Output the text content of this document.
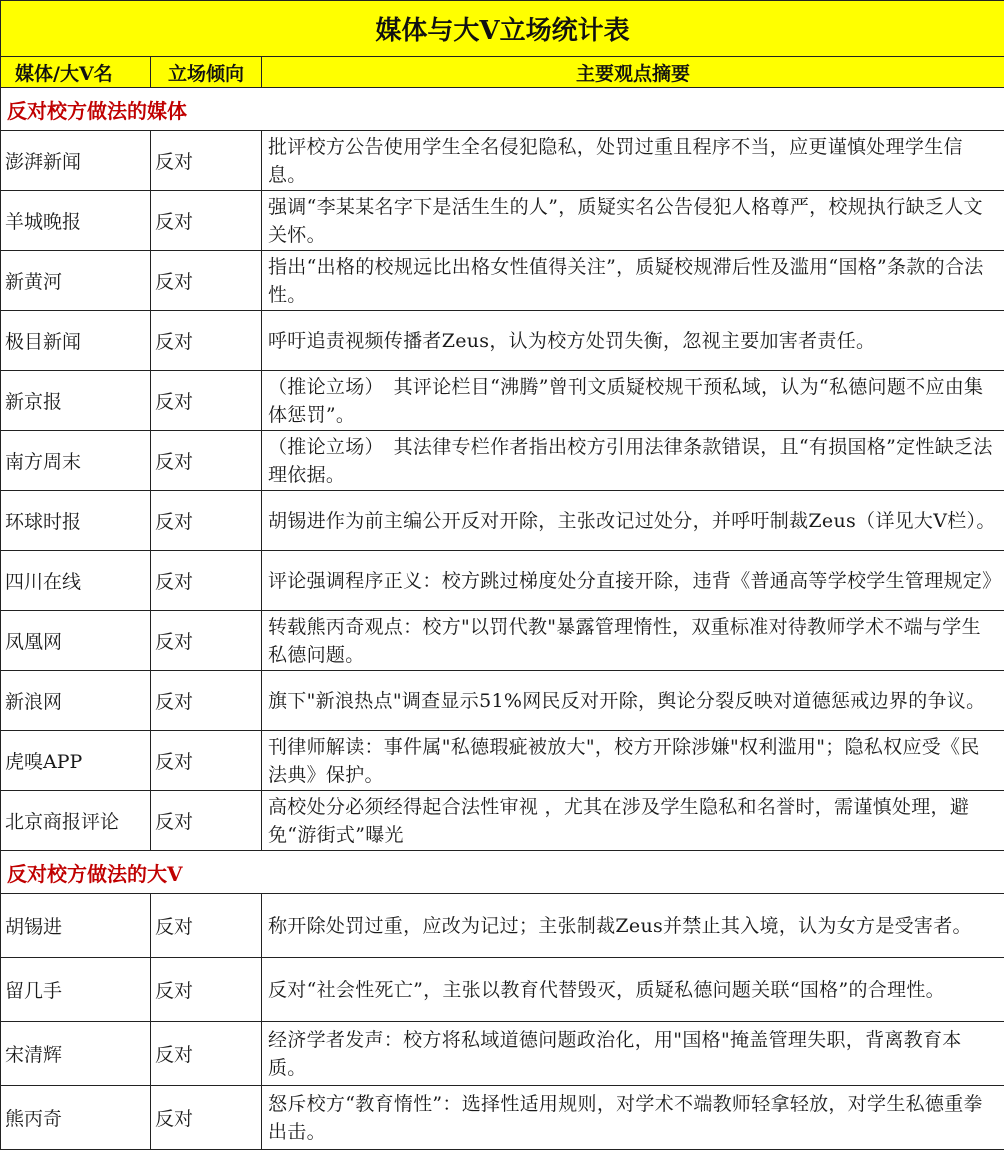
媒体与大V立场统计表		
媒体/大V名	立场倾向	主要观点摘要
反对校方做法的媒体		
澎湃新闻	反对	批评校方公告使用学生全名侵犯隐私，处罚过重且程序不当，应更谨慎处理学生信息。
羊城晚报	反对	强调“李某某名字下是活生生的人”，质疑实名公告侵犯人格尊严，校规执行缺乏人文关怀。
新黄河	反对	指出“出格的校规远比出格女性值得关注”，质疑校规滞后性及滥用“国格”条款的合法性。
极目新闻	反对	呼吁追责视频传播者Zeus，认为校方处罚失衡，忽视主要加害者责任。
新京报	反对	（推论立场）　其评论栏目“沸腾”曾刊文质疑校规干预私域，认为“私德问题不应由集体惩罚”。
南方周末	反对	（推论立场）　其法律专栏作者指出校方引用法律条款错误，且“有损国格”定性缺乏法理依据。
环球时报	反对	胡锡进作为前主编公开反对开除，主张改记过处分，并呼吁制裁Zeus（详见大V栏）。
四川在线	反对	评论强调程序正义：校方跳过梯度处分直接开除，违背《普通高等学校学生管理规定》
凤凰网	反对	转载熊丙奇观点：校方"以罚代教"暴露管理惰性，双重标准对待教师学术不端与学生私德问题。
新浪网	反对	旗下"新浪热点"调查显示51%网民反对开除，舆论分裂反映对道德惩戒边界的争议。
虎嗅APP	反对	刊律师解读：事件属"私德瑕疵被放大"，校方开除涉嫌"权利滥用"；隐私权应受《民法典》保护。
北京商报评论	反对	高校处分必须经得起合法性审视 ，尤其在涉及学生隐私和名誉时，需谨慎处理，避免“游街式”曝光
反对校方做法的大V		
胡锡进	反对	称开除处罚过重，应改为记过；主张制裁Zeus并禁止其入境，认为女方是受害者。
留几手	反对	反对“社会性死亡”，主张以教育代替毁灭，质疑私德问题关联“国格”的合理性。
宋清辉	反对	经济学者发声：校方将私域道德问题政治化，用"国格"掩盖管理失职，背离教育本质。
熊丙奇	反对	怒斥校方“教育惰性”：选择性适用规则，对学术不端教师轻拿轻放，对学生私德重拳出击。
